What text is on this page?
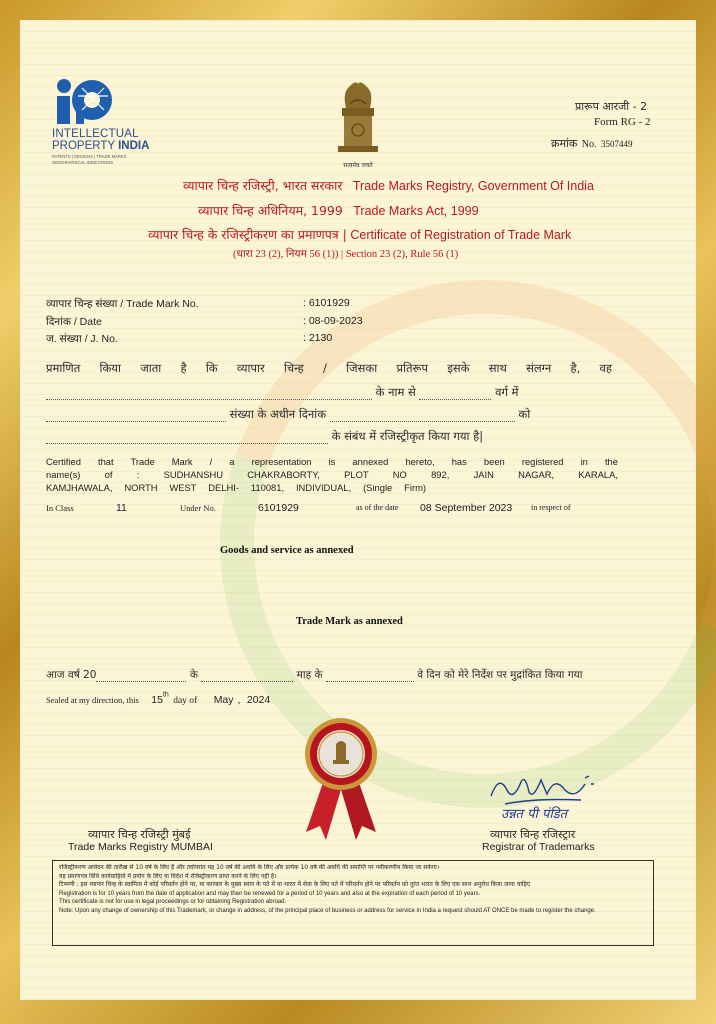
INTELLECTUAL
PROPERTY INDIA
PATENTS | DESIGNS | TRADE MARKS
GEOGRAPHICAL INDICATIONS	सत्यमेव जयते
प्रारूप आरजी - 2
Form RG - 2
क्रमांक No. 3507449
व्यापार चिन्ह रजिस्ट्री, भारत सरकार Trade Marks Registry, Government Of India
व्यापार चिन्ह अधिनियम, 1999 Trade Marks Act, 1999
व्यापार चिन्ह के रजिस्ट्रीकरण का प्रमाणपत्र | Certificate of Registration of Trade Mark
(धारा 23 (2), नियम 56 (1)) | Section 23 (2), Rule 56 (1)
व्यापार चिन्ह संख्या / Trade Mark No.	: 6101929
दिनांक / Date	: 08-09-2023
ज. संख्या / J. No.	: 2130
प्रमाणित किया जाता है कि व्यापार चिन्ह / जिसका प्रतिरूप इसके साथ संलग्न है, वह
के नाम से	वर्ग में
संख्या के अधीन दिनांक	को
के संबंध में रजिस्ट्रीकृत किया गया है|
Certified that Trade Mark / a representation is annexed hereto, has been registered in the
name(s) of : SUDHANSHU CHAKRABORTY, PLOT NO 892, JAIN NAGAR, KARALA,
KAMJHAWALA, NORTH WEST DELHI- 110081, INDIVIDUAL, (Single Firm)
In Class	11	Under No.	6101929	as of the date 08 September 2023 in respect of
Goods and service as annexed
Trade Mark as annexed
आज वर्ष 20	के	माह के	वे दिन को मेरे निर्देश पर मुद्रांकित किया गया
Sealed at my direction, this 15th day of May , 2024
उन्नत पी पंडित
व्यापार चिन्ह रजिस्ट्री मुंबई
Trade Marks Registry MUMBAI
व्यापार चिन्ह रजिस्ट्रार
Registrar of Trademarks
रजिस्ट्रीकरण आवेदन की तारीख से 10 वर्ष के लिए है और तदोपरांत यह 10 वर्ष की अवधि के लिए और प्रत्येक 10 वर्ष की अवधि की समाप्ति पर नवीकरणीय किया जा सकेगा।
यह प्रमाणपत्र विधि कार्यवाहियों में प्रयोग के लिए या विदेश में रजिस्ट्रीकरण प्राप्त करने के लिए नहीं है।
टिप्पणी : इस व्यापार चिन्ह के स्वामित्व में कोई परिवर्तन होने पर, या कारबार के मुख्य स्थान के पते में या भारत में सेवा के लिए पते में परिवर्तन होने पर परिवर्तन को तुरंत भारत के लिए एक साथ अनुरोध किया जाना चाहिए
Registration is for 10 years from the date of application and may then be renewed for a period of 10 years and also at the expiration of each period of 10 years.
This certificate is not for use in legal proceedings or for obtaining Registration abroad.
Note: Upon any change of ownership of this Trademark, or change in address, of the principal place of business or address for service in India a request should AT ONCE be made to register the change.
